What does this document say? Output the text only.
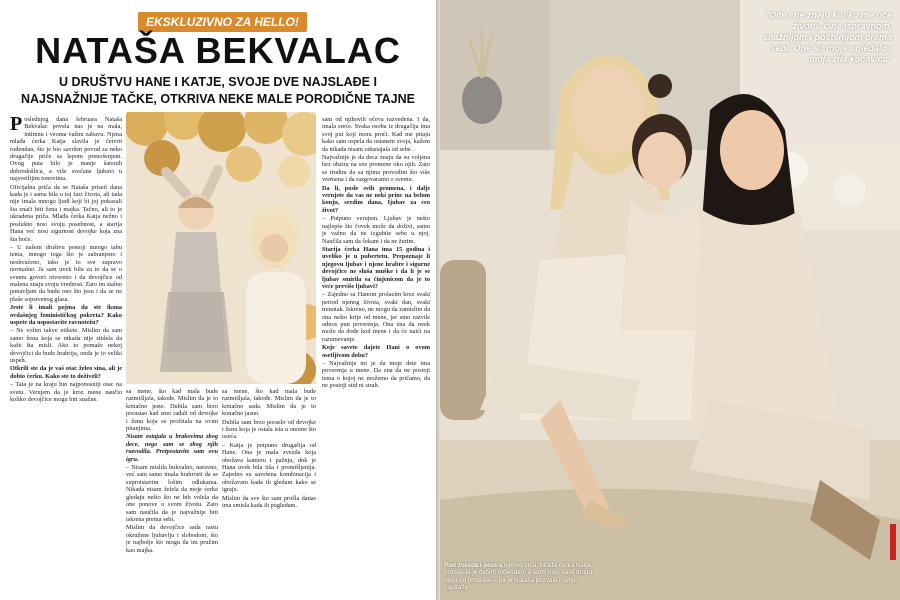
EKSKLUZIVNO ZA HELLO!
NATAŠA BEKVALAC
U DRUŠTVU HANE I KATJE, SVOJE DVE NAJSLAĐE I
NAJSNAŽNIJE TAČKE, OTKRIVA NEKE MALE PORODIČNE TAJNE

Poslednjeg dana februara Nataša Bekvalac povela nas je na mala, intimnu i veoma važnu zabavu. Njena mlađa ćerka Katja slavila je četvrti rođendan, što je bio savršen povod za neko drugačije priče sa lepom prenošenjem. Ovog puta bilo je manje šarenih dobrodošlica, a više svečane ljubavi u najsvetlijim tonovima.

Oficijalna priča da se Nataša prisetí dana kada je i sama bila u toj fazi života, ali tada nije imala mnogo ljudi koji bi joj pokazali šta znači biti žena i majka. Tačno, ali to je ukradena priča. Mlađa ćerka Katja nežno i poslušno nosi svoju posebnost, a starija Hana već nosi sigurnost devojke koja zna šta hoće.

– U našem društvu postoji mnogo tabu tema, mnogo toga što je zabranjeno i neshvaćeno, iako je to sve zapravo normalno. Ja sam uvek bila za to da se o svemu govori otvoreno i da devojčice od malena znaju svoju vrednost. Zato im stalno ponavljam da budu ono što jesu i da se ne plaše sopstvenog glasa.

Jeste li imali pojma da ste ikona ovdašnjeg feminističkog pokreta? Kako uspete da uspostavite ravnotežu?

– Ne volim takve etikete. Mislim da sam samo žena koja se nikada nije stidela da kaže šta misli. Ako to pomaže nekoj devojčici da bude hrabrija, onda je to veliki uspeh.

Otkrili ste da je vaš otac želeo sina, ali je dobio ćerku. Kako ste to doživeli?

– Tata je na kraju bio najponosniji otac na svetu. Verujem da je kroz mene naučio koliko devojčice mogu biti snažne.

sa mene, što kad mala bude razmišljala, takođe. Mislim da je to konačno jeste. Dubila sam brzo porastao kad smo rađali od devojke i ženu koja se pročitala na ovim pitanjima.

Nisam ostajala u brakovima zbog dece, nego sam se zbog njih razvodila. Pretpostavite sam ovu igru.

– Nisam mislila bukvalno, naravno, već sam samo imala hrabrosti da se suprotstavim lošim odlukama. Nikada nisam želela da moje ćerke gledaju nešto što ne bih volela da one ponove u svom životu. Zato sam naučila da je najvažnije biti iskrena prema sebi.

Mislim da devojčice sada rastu okružene ljubavlju i slobodom, što je najbolje što mogu da im pružim kao majka.

sa mene, što kad mala bude razmišljala, takođe. Mislim da je to konačno sada. Mislim da je to konačno jasno.

Dubila sam brzo poraslo od devojke i ženu koja je ostala ista u onome što oseća.

– Katja je potpuno drugačija od Hane. Ona je mala zvezda koja obožava kameru i pažnju, dok je Hana uvek bila tiša i promišljenija. Zajedno su savršena kombinacija i obožavam kada ih gledam kako se igraju.

Mislim da sve što sam prošla danas ima smisla kada ih pogledam.

sam od njihovih očeva razvedena. I da, imala sreće. Svaka osoba iz drugačija ima svoj put koji mora proći. Kad me pitaju kako sam uspela da ostanem svoja, kažem da nikada nisam odustajala od sebe.

Najvažnije je da deca znaju da su voljena bez obzira na sve promene oko njih. Zato se trudim da sa njima provodim što više vremena i da razgovaramo o svemu.

Da li, posle svih promena, i dalje verujete da vas ne neki princ na belom konju, sredim dana, Ijubav za ceo život?

– Potpuno verujem. Ljubav je nešto najlepše što čovek može da doživi, samo je važno da ne izgubite sebe u njoj. Naučila sam da čekam i da ne žurim.

Starija ćerka Hana ima 15 godina i uveliko je u pubertetu. Prepoznaje li njegovu ljubav i njene hrabre i sigurne devojčice ne sluša muške i da li je se ljubav smirila sa činjenicom da je to veće previše ljubavi?

– Zajedno sa Hanom prolazim kroz svaki period njenog života, svaki dan, svaki trenutak. Iskreno, ne mogu da zamislim da ona nešto krije od mene, jer smo razvile odnos pun poverenja. Ona zna da uvek može da dođe kod mene i da će naići na razumevanje.

Koje savete dajete Hani o ovom osetljivom dobu?

– Najvažnije mi je da moje dete ima poverenja u mene. Da zna da ne postoji tema o kojoj ne možemo da pričamo, da ne postoji stid ni strah.

"One i ne znaju koliko me uče životu, čine ispravnom, snažnijom i poštenijom prema sebi. One su moje ogledalo i moja zila kućavica"
Pod zvezda i sestra njenog srca. Mlađa ćerka Katja proslavila je četvrti rođendan, a sami nisu našli drugu ideju od proslave – pa je Nataša pozvala i svoje najdraže
